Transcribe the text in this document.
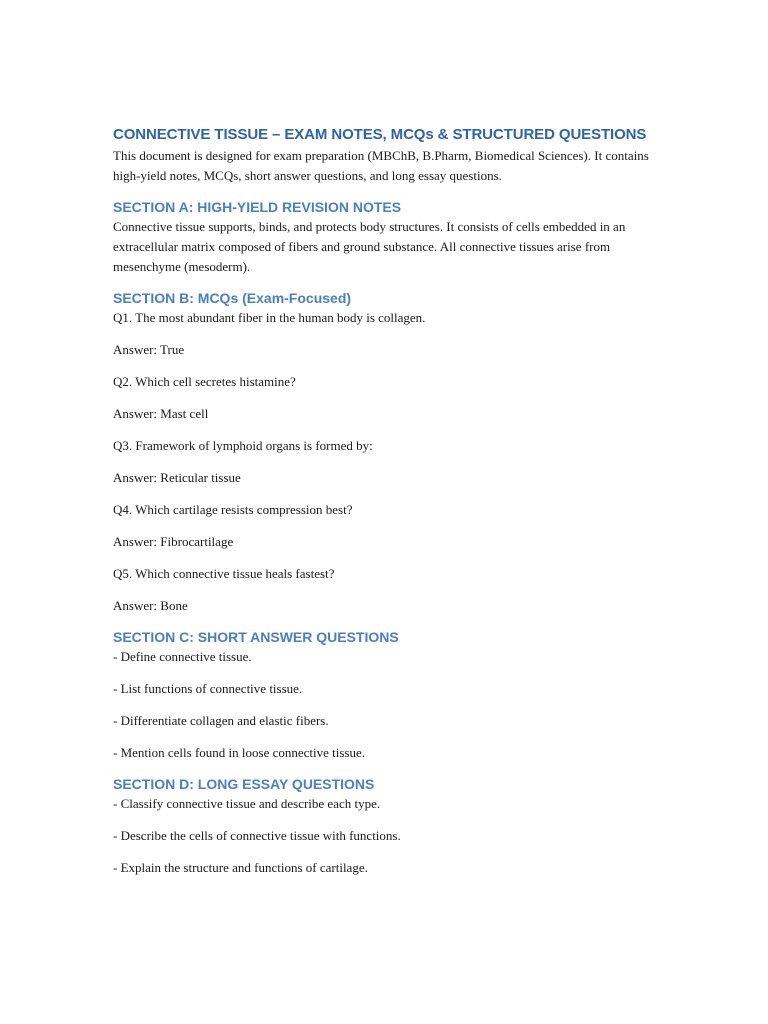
CONNECTIVE TISSUE – EXAM NOTES, MCQs & STRUCTURED QUESTIONS

This document is designed for exam preparation (MBChB, B.Pharm, Biomedical Sciences). It contains high-yield notes, MCQs, short answer questions, and long essay questions.

SECTION A: HIGH-YIELD REVISION NOTES

Connective tissue supports, binds, and protects body structures. It consists of cells embedded in an extracellular matrix composed of fibers and ground substance. All connective tissues arise from mesenchyme (mesoderm).

SECTION B: MCQs (Exam-Focused)

Q1. The most abundant fiber in the human body is collagen.

Answer: True

Q2. Which cell secretes histamine?

Answer: Mast cell

Q3. Framework of lymphoid organs is formed by:

Answer: Reticular tissue

Q4. Which cartilage resists compression best?

Answer: Fibrocartilage

Q5. Which connective tissue heals fastest?

Answer: Bone

SECTION C: SHORT ANSWER QUESTIONS

- Define connective tissue.

- List functions of connective tissue.

- Differentiate collagen and elastic fibers.

- Mention cells found in loose connective tissue.

SECTION D: LONG ESSAY QUESTIONS

- Classify connective tissue and describe each type.

- Describe the cells of connective tissue with functions.

- Explain the structure and functions of cartilage.
